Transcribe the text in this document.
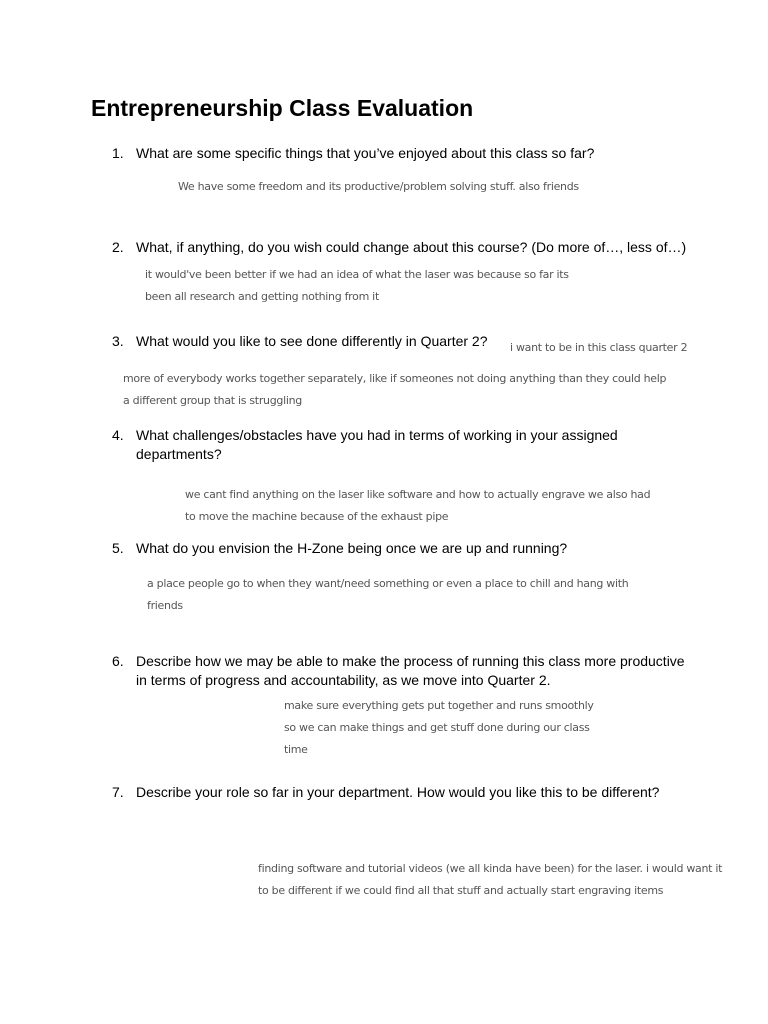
Entrepreneurship Class Evaluation
1. What are some specific things that you’ve enjoyed about this class so far?
We have some freedom and its productive/problem solving stuff. also friends
2. What, if anything, do you wish could change about this course? (Do more of…, less of…)
it would've been better if we had an idea of what the laser was because so far its
been all research and getting nothing from it
3. What would you like to see done differently in Quarter 2? i want to be in this class quarter 2
more of everybody works together separately, like if someones not doing anything than they could help
a different group that is struggling
4. What challenges/obstacles have you had in terms of working in your assigned
departments?
we cant find anything on the laser like software and how to actually engrave we also had
to move the machine because of the exhaust pipe
5. What do you envision the H-Zone being once we are up and running?
a place people go to when they want/need something or even a place to chill and hang with
friends
6. Describe how we may be able to make the process of running this class more productive
in terms of progress and accountability, as we move into Quarter 2.
make sure everything gets put together and runs smoothly
so we can make things and get stuff done during our class
time
7. Describe your role so far in your department. How would you like this to be different?
finding software and tutorial videos (we all kinda have been) for the laser. i would want it
to be different if we could find all that stuff and actually start engraving items
